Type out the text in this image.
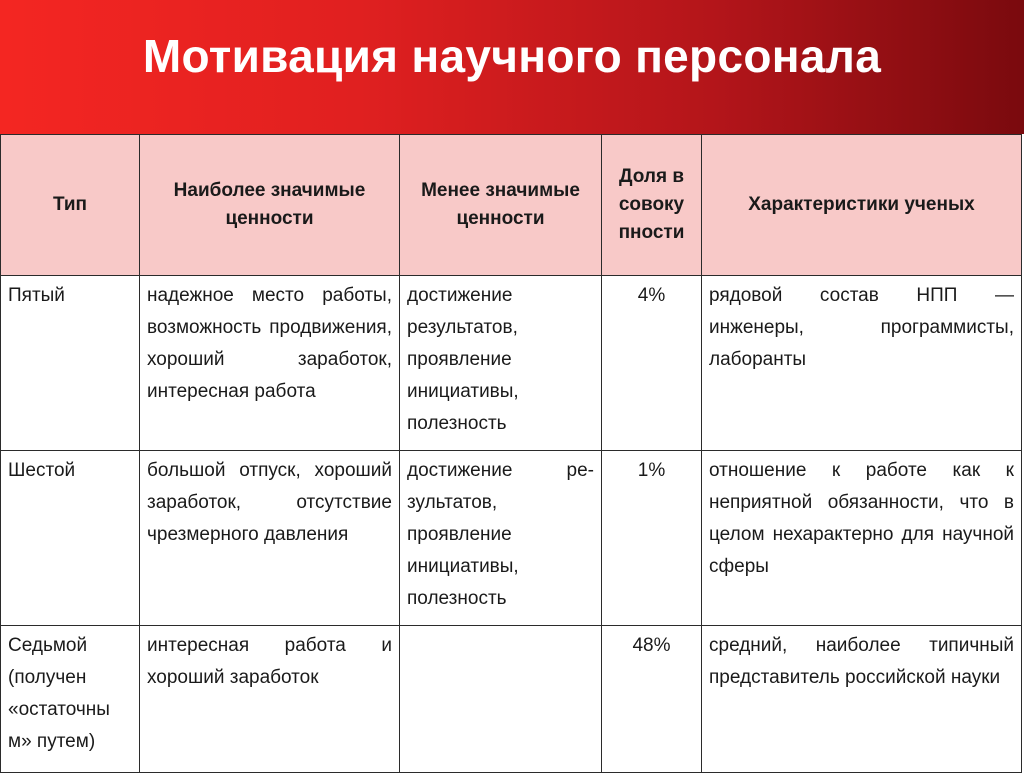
Мотивация научного персонала
Тип	Наиболее значимые ценности	Менее значимые ценности	Доля в совоку пности	Характеристики ученых
Пятый	надежное место работы, возможность продвижения, хороший заработок, интересная работа	достижение результатов, проявление инициативы, полезность	4%	рядовой состав НПП — инженеры, программисты, лаборанты
Шестой	большой отпуск, хороший заработок, отсутствие чрезмерного давления	достижение ре-зультатов, проявление инициативы, полезность	1%	отношение к работе как к неприятной обязанности, что в целом нехарактерно для научной сферы
Седьмой (получен «остаточны м» путем)	интересная работа и хороший заработок		48%	средний, наиболее типичный представитель российской науки
